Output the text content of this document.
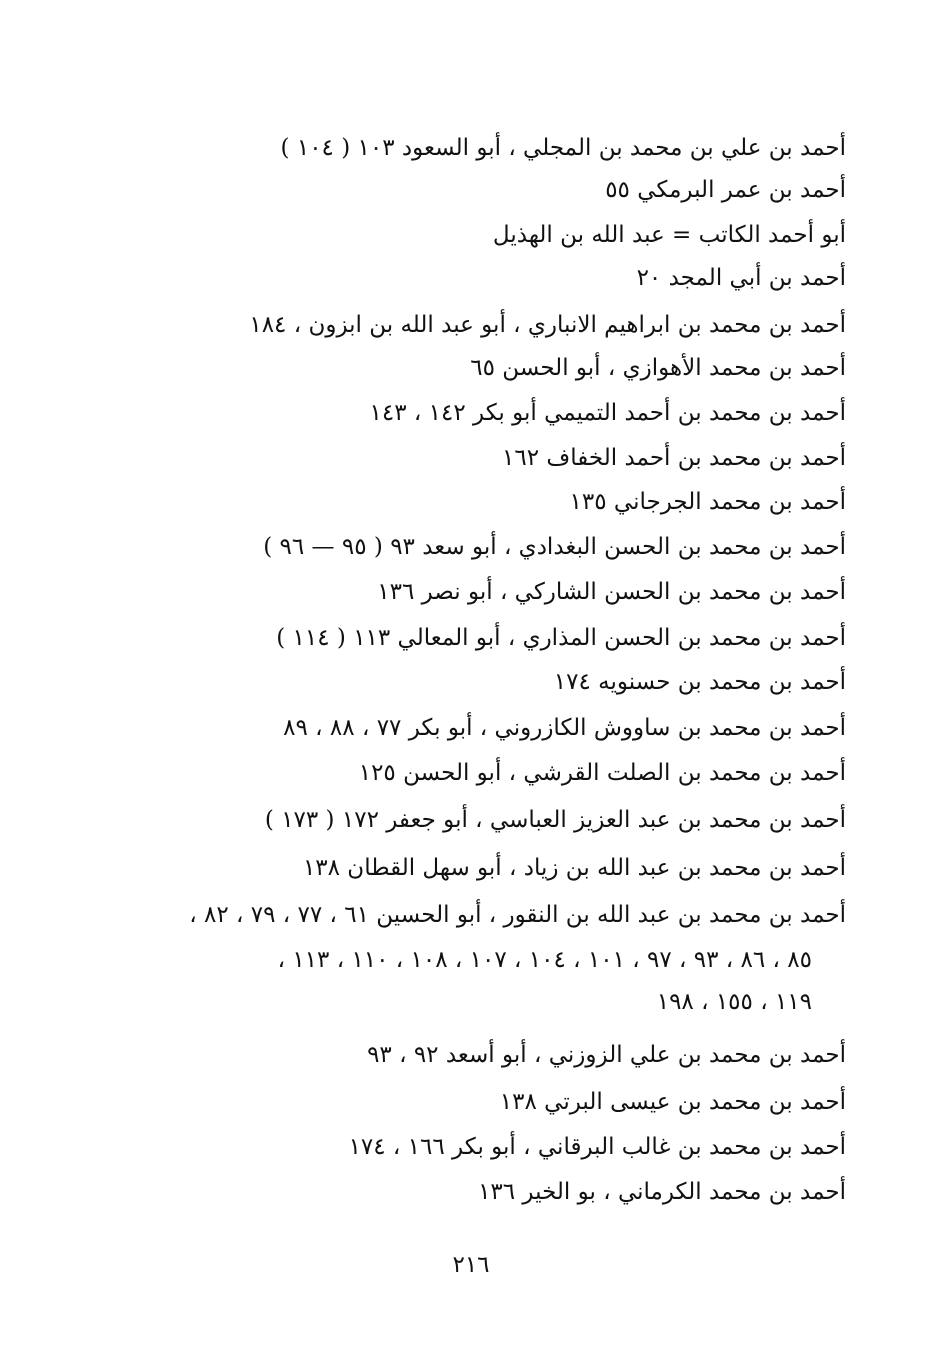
أحمد بن علي بن محمد بن المجلي ، أبو السعود ١٠٣ ( ١٠٤ )
أحمد بن عمر البرمكي ٥٥
أبو أحمد الكاتب = عبد الله بن الهذيل
أحمد بن أبي المجد ٢٠
أحمد بن محمد بن ابراهيم الانباري ، أبو عبد الله بن ابزون ، ١٨٤
أحمد بن محمد الأهوازي ، أبو الحسن ٦٥
أحمد بن محمد بن أحمد التميمي أبو بكر ١٤٢ ، ١٤٣
أحمد بن محمد بن أحمد الخفاف ١٦٢
أحمد بن محمد الجرجاني ١٣٥
أحمد بن محمد بن الحسن البغدادي ، أبو سعد ٩٣ ( ٩٥ — ٩٦ )
أحمد بن محمد بن الحسن الشاركي ، أبو نصر ١٣٦
أحمد بن محمد بن الحسن المذاري ، أبو المعالي ١١٣ ( ١١٤ )
أحمد بن محمد بن حسنويه ١٧٤
أحمد بن محمد بن ساووش الكازروني ، أبو بكر ٧٧ ، ٨٨ ، ٨٩
أحمد بن محمد بن الصلت القرشي ، أبو الحسن ١٢٥
أحمد بن محمد بن عبد العزيز العباسي ، أبو جعفر ١٧٢ ( ١٧٣ )
أحمد بن محمد بن عبد الله بن زياد ، أبو سهل القطان ١٣٨
أحمد بن محمد بن عبد الله بن النقور ، أبو الحسين ٦١ ، ٧٧ ، ٧٩ ، ٨٢ ،
٨٥ ، ٨٦ ، ٩٣ ، ٩٧ ، ١٠١ ، ١٠٤ ، ١٠٧ ، ١٠٨ ، ١١٠ ، ١١٣ ،
١١٩ ، ١٥٥ ، ١٩٨
أحمد بن محمد بن علي الزوزني ، أبو أسعد ٩٢ ، ٩٣
أحمد بن محمد بن عيسى البرتي ١٣٨
أحمد بن محمد بن غالب البرقاني ، أبو بكر ١٦٦ ، ١٧٤
أحمد بن محمد الكرماني ، بو الخير ١٣٦
٢١٦
